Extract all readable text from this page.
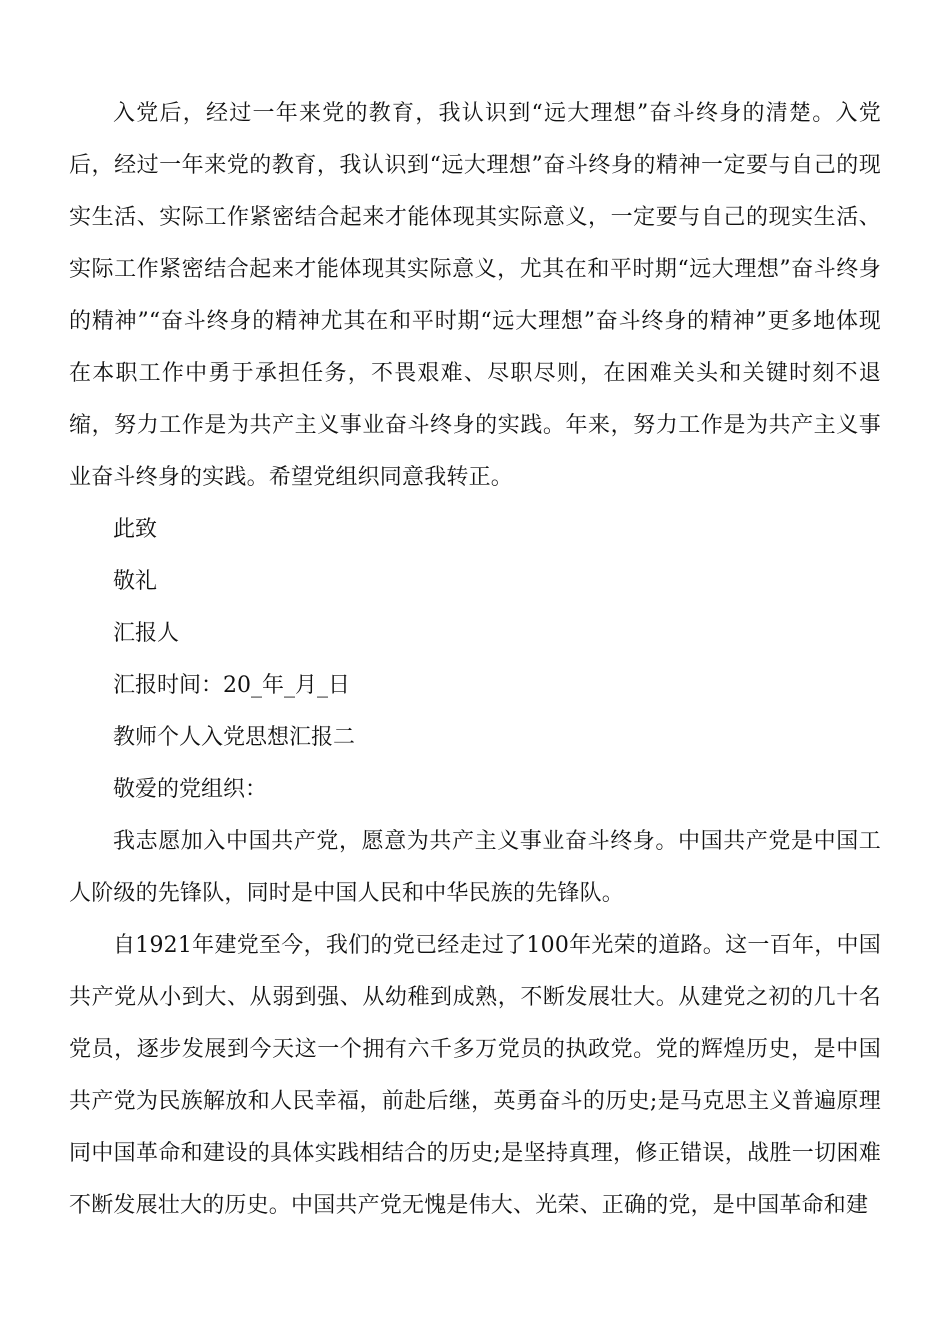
入党后，经过一年来党的教育，我认识到“远大理想”奋斗终身的清楚。入党后，经过一年来党的教育，我认识到“远大理想”奋斗终身的精神一定要与自己的现实生活、实际工作紧密结合起来才能体现其实际意义，一定要与自己的现实生活、实际工作紧密结合起来才能体现其实际意义，尤其在和平时期“远大理想”奋斗终身的精神”“奋斗终身的精神尤其在和平时期“远大理想”奋斗终身的精神”更多地体现在本职工作中勇于承担任务，不畏艰难、尽职尽则，在困难关头和关键时刻不退缩，努力工作是为共产主义事业奋斗终身的实践。年来，努力工作是为共产主义事业奋斗终身的实践。希望党组织同意我转正。

此致

敬礼

汇报人

汇报时间：20_年_月_日

教师个人入党思想汇报二

敬爱的党组织：

我志愿加入中国共产党，愿意为共产主义事业奋斗终身。中国共产党是中国工人阶级的先锋队，同时是中国人民和中华民族的先锋队。

自1921年建党至今，我们的党已经走过了100年光荣的道路。这一百年，中国共产党从小到大、从弱到强、从幼稚到成熟，不断发展壮大。从建党之初的几十名党员，逐步发展到今天这一个拥有六千多万党员的执政党。党的辉煌历史，是中国共产党为民族解放和人民幸福，前赴后继，英勇奋斗的历史;是马克思主义普遍原理同中国革命和建设的具体实践相结合的历史;是坚持真理，修正错误，战胜一切困难不断发展壮大的历史。中国共产党无愧是伟大、光荣、正确的党，是中国革命和建
